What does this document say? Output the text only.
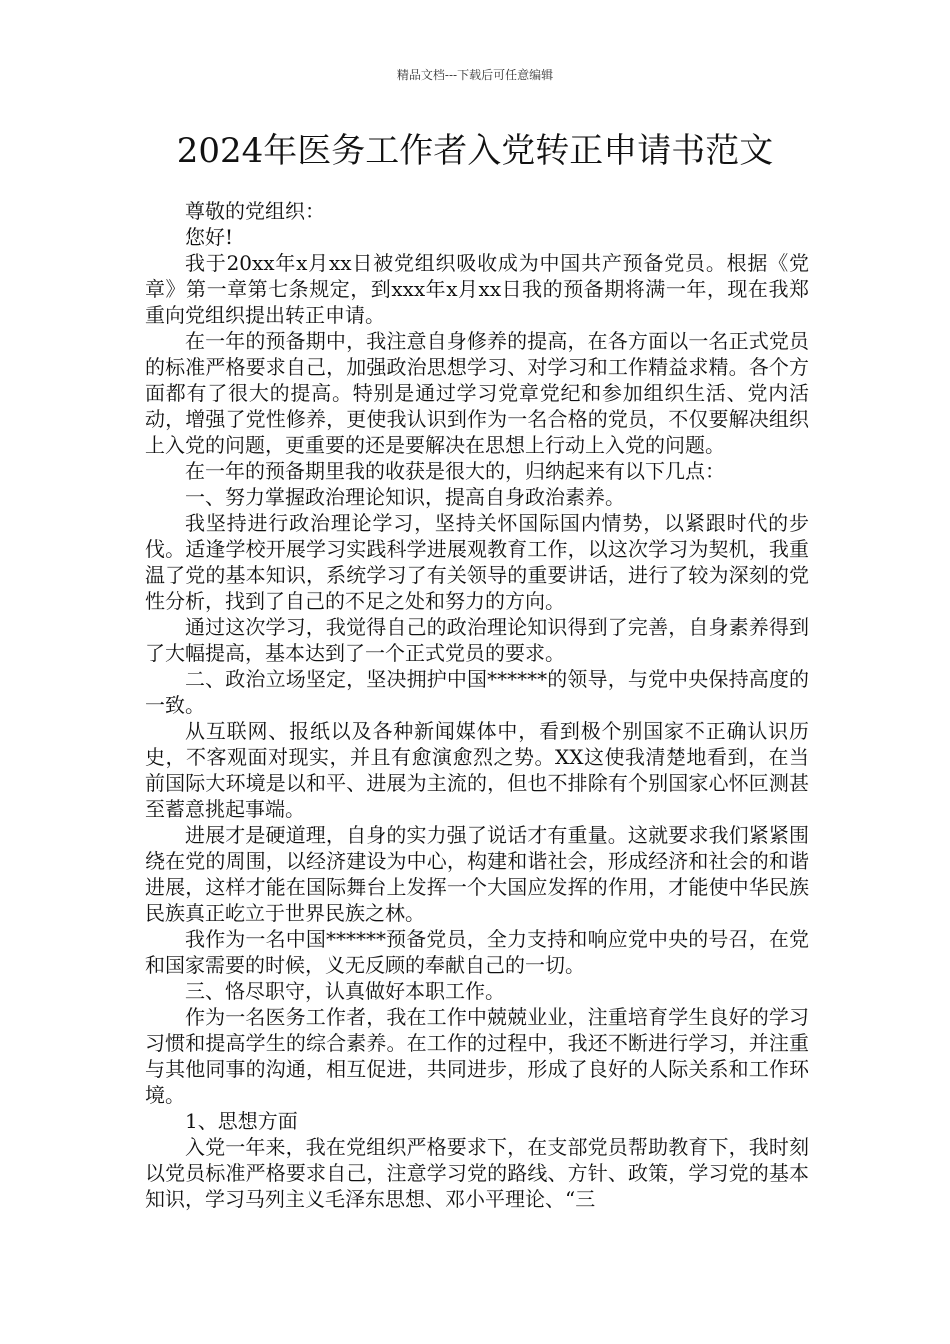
精品文档---下载后可任意编辑
2024年医务工作者入党转正申请书范文

尊敬的党组织：

您好!

我于20xx年x月xx日被党组织吸收成为中国共产预备党员。根据《党章》第一章第七条规定，到xxx年x月xx日我的预备期将满一年，现在我郑重向党组织提出转正申请。

在一年的预备期中，我注意自身修养的提高，在各方面以一名正式党员的标准严格要求自己，加强政治思想学习、对学习和工作精益求精。各个方面都有了很大的提高。特别是通过学习党章党纪和参加组织生活、党内活动，增强了党性修养，更使我认识到作为一名合格的党员，不仅要解决组织上入党的问题，更重要的还是要解决在思想上行动上入党的问题。

在一年的预备期里我的收获是很大的，归纳起来有以下几点：

一、努力掌握政治理论知识，提高自身政治素养。

我坚持进行政治理论学习，坚持关怀国际国内情势，以紧跟时代的步伐。适逢学校开展学习实践科学进展观教育工作，以这次学习为契机，我重温了党的基本知识，系统学习了有关领导的重要讲话，进行了较为深刻的党性分析，找到了自己的不足之处和努力的方向。

通过这次学习，我觉得自己的政治理论知识得到了完善，自身素养得到了大幅提高，基本达到了一个正式党员的要求。

二、政治立场坚定，坚决拥护中国******的领导，与党中央保持高度的一致。

从互联网、报纸以及各种新闻媒体中，看到极个别国家不正确认识历史，不客观面对现实，并且有愈演愈烈之势。XX这使我清楚地看到，在当前国际大环境是以和平、进展为主流的，但也不排除有个别国家心怀叵测甚至蓄意挑起事端。

进展才是硬道理，自身的实力强了说话才有重量。这就要求我们紧紧围绕在党的周围，以经济建设为中心，构建和谐社会，形成经济和社会的和谐进展，这样才能在国际舞台上发挥一个大国应发挥的作用，才能使中华民族民族真正屹立于世界民族之林。

我作为一名中国******预备党员，全力支持和响应党中央的号召，在党和国家需要的时候，义无反顾的奉献自己的一切。

三、恪尽职守，认真做好本职工作。

作为一名医务工作者，我在工作中兢兢业业，注重培育学生良好的学习习惯和提高学生的综合素养。在工作的过程中，我还不断进行学习，并注重与其他同事的沟通，相互促进，共同进步，形成了良好的人际关系和工作环境。

1、思想方面

入党一年来，我在党组织严格要求下，在支部党员帮助教育下，我时刻以党员标准严格要求自己，注意学习党的路线、方针、政策，学习党的基本知识，学习马列主义毛泽东思想、邓小平理论、“三
